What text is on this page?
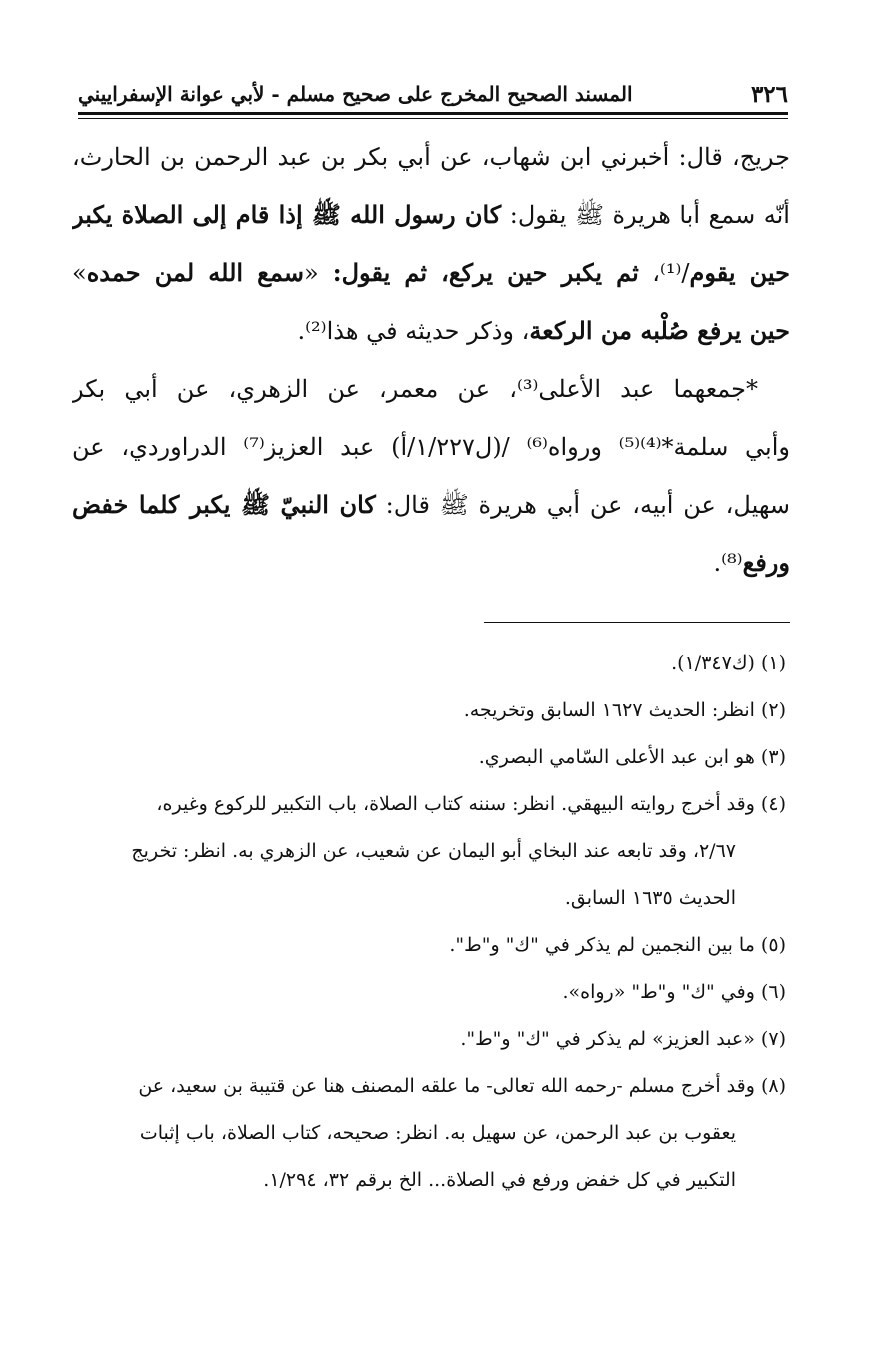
٣٢٦
المسند الصحيح المخرج على صحيح مسلم - لأبي عوانة الإسفراييني
جريج، قال: أخبرني ابن شهاب، عن أبي بكر بن عبد الرحمن بن الحارث،
أنّه سمع أبا هريرة ﷺ يقول: كان رسول الله ﷺ إذا قام إلى الصلاة يكبر
حين يقوم/⁽¹⁾، ثم يكبر حين يركع، ثم يقول: «سمع الله لمن حمده»
حين يرفع صُلْبه من الركعة، وذكر حديثه في هذا⁽²⁾.
*جمعهما عبد الأعلى⁽³⁾، عن معمر، عن الزهري، عن أبي بكر
وأبي سلمة*⁽⁴⁾⁽⁵⁾ ورواه⁽⁶⁾ /(ل١/٢٢٧/أ) عبد العزيز⁽⁷⁾ الدراوردي، عن
سهيل، عن أبيه، عن أبي هريرة ﷺ قال: كان النبيّ ﷺ يكبر كلما خفض
ورفع⁽⁸⁾.
(١) (ك١/٣٤٧).
(٢) انظر: الحديث ١٦٢٧ السابق وتخريجه.
(٣) هو ابن عبد الأعلى السّامي البصري.
(٤) وقد أخرج روايته البيهقي. انظر: سننه كتاب الصلاة، باب التكبير للركوع وغيره،
٢/٦٧، وقد تابعه عند البخاي أبو اليمان عن شعيب، عن الزهري به. انظر: تخريج
الحديث ١٦٣٥ السابق.
(٥) ما بين النجمين لم يذكر في "ك" و"ط".
(٦) وفي "ك" و"ط" «رواه».
(٧) «عبد العزيز» لم يذكر في "ك" و"ط".
(٨) وقد أخرج مسلم -رحمه الله تعالى- ما علقه المصنف هنا عن قتيبة بن سعيد، عن
يعقوب بن عبد الرحمن، عن سهيل به. انظر: صحيحه، كتاب الصلاة، باب إثبات
التكبير في كل خفض ورفع في الصلاة... الخ برقم ٣٢، ١/٢٩٤.
